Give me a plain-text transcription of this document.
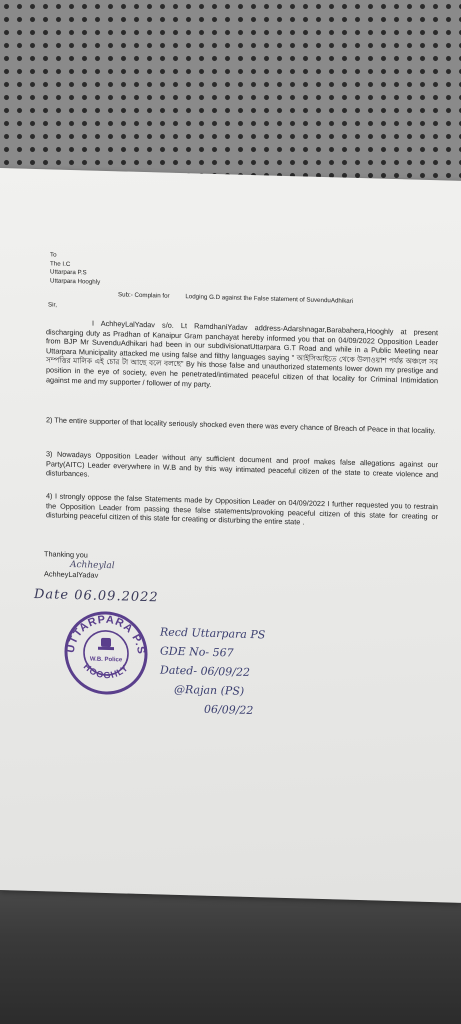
To
The I.C
Uttarpara P.S
Uttarpara Hooghly
Sub:- Complain for	Lodging G.D against the False statement of SuvenduAdhikari
Sir,

I AchheyLalYadav s/o. Lt RamdhaniYadav address-Adarshnagar,Barabahera,Hooghly at present discharging duty as Pradhan of Kanaipur Gram panchayat hereby informed you that on 04/09/2022 Opposition Leader from BJP Mr SuvenduAdhikari had been in our subdivisionatUttarpara G.T Road and while in a Public Meeting near Uttarpara Municipality attacked me using false and filthy languages saying " আইসিআইতে থেকে উলাওয়াশ পর্যন্ত অঞ্চলে সব সম্পত্তির মালিক এই চোর টা আছে বলে বলছে" By his those false and unauthorized statements lower down my prestige and position in the eye of society, even he penetrated/intimated peaceful citizen of that locality for Criminal Intimidation against me and my supporter / follower of my party.

2) The entire supporter of that locality seriously shocked even there was every chance of Breach of Peace in that locality.

3) Nowadays Opposition Leader without any sufficient document and proof makes false allegations against our Party(AITC) Leader everywhere in W.B and by this way intimated peaceful citizen of the state to create violence and disturbances.

4) I strongly oppose the false Statements made by Opposition Leader on 04/09/2022 I further requested you to restrain the Opposition Leader from passing these false statements/provoking peaceful citizen of this state for creating or disturbing peaceful citizen of this state for creating or disturbing the entire state .

Thanking you
AchheyLalYadav
Achheylal
Date 06.09.2022
UTTARPARA P.S
HOOGHLY
W.B. Police
Recd Uttarpara PS
GDE No- 567
Dated- 06/09/22
@Rajan (PS)
06/09/22
